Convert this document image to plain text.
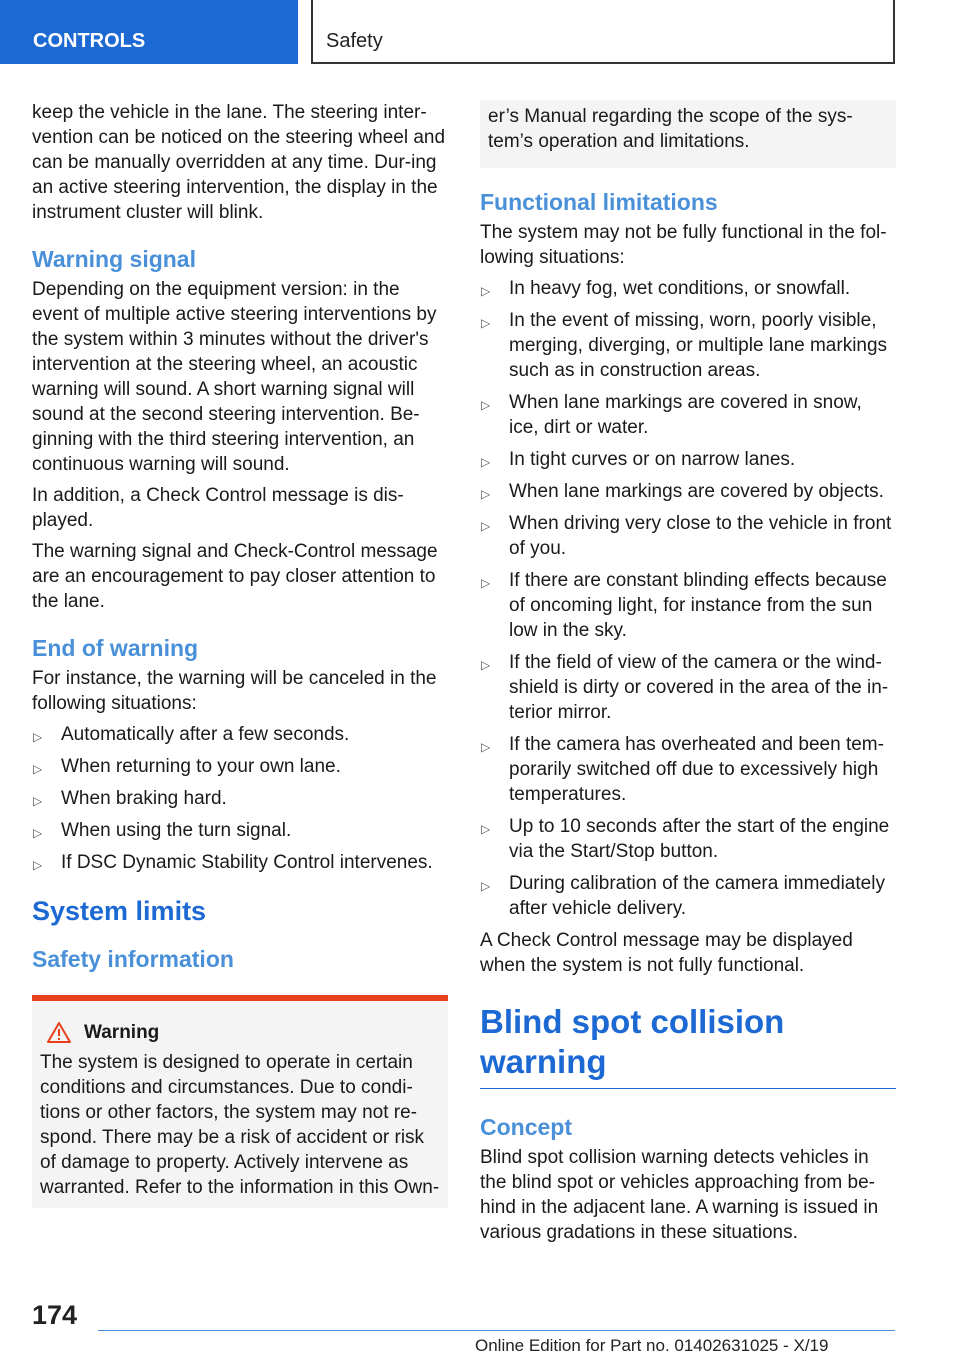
CONTROLS	Safety

keep the vehicle in the lane. The steering inter-vention can be noticed on the steering wheel and can be manually overridden at any time. Dur-ing an active steering intervention, the display in the instrument cluster will blink.

Warning signal

Depending on the equipment version: in the event of multiple active steering interventions by the system within 3 minutes without the driver's intervention at the steering wheel, an acoustic warning will sound. A short warning signal will sound at the second steering intervention. Be-ginning with the third steering intervention, an continuous warning will sound.

In addition, a Check Control message is dis-played.

The warning signal and Check-Control message are an encouragement to pay closer attention to the lane.

End of warning

For instance, the warning will be canceled in the following situations:

▷ Automatically after a few seconds.
▷ When returning to your own lane.
▷ When braking hard.
▷ When using the turn signal.
▷ If DSC Dynamic Stability Control intervenes.
System limits
Safety information
Warning

The system is designed to operate in certain conditions and circumstances. Due to condi-tions or other factors, the system may not re-spond. There may be a risk of accident or risk of damage to property. Actively intervene as warranted. Refer to the information in this Own-

er’s Manual regarding the scope of the sys-tem’s operation and limitations.

Functional limitations

The system may not be fully functional in the fol-lowing situations:

▷ In heavy fog, wet conditions, or snowfall.
▷ In the event of missing, worn, poorly visible, merging, diverging, or multiple lane markings such as in construction areas.
▷ When lane markings are covered in snow, ice, dirt or water.
▷ In tight curves or on narrow lanes.
▷ When lane markings are covered by objects.
▷ When driving very close to the vehicle in front of you.
▷ If there are constant blinding effects because of oncoming light, for instance from the sun low in the sky.
▷ If the field of view of the camera or the wind-shield is dirty or covered in the area of the in-terior mirror.
▷ If the camera has overheated and been tem-porarily switched off due to excessively high temperatures.
▷ Up to 10 seconds after the start of the engine via the Start/Stop button.
▷ During calibration of the camera immediately after vehicle delivery.

A Check Control message may be displayed when the system is not fully functional.

Blind spot collision warning
Concept

Blind spot collision warning detects vehicles in the blind spot or vehicles approaching from be-hind in the adjacent lane. A warning is issued in various gradations in these situations.

174
Online Edition for Part no. 01402631025 - X/19
